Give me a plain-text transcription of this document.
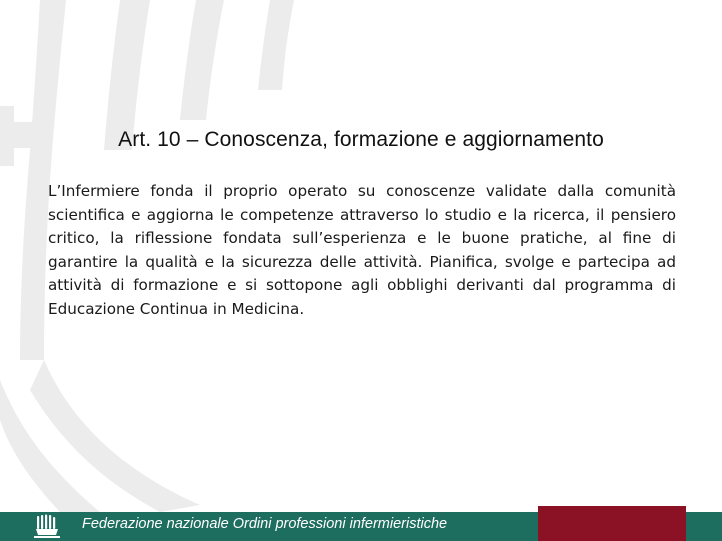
Art. 10 – Conoscenza, formazione e aggiornamento

L’Infermiere fonda il proprio operato su conoscenze validate dalla comunità scientifica e aggiorna le competenze attraverso lo studio e la ricerca, il pensiero critico, la riflessione fondata sull’esperienza e le buone pratiche, al fine di garantire la qualità e la sicurezza delle attività. Pianifica, svolge e partecipa ad attività di formazione e si sottopone agli obblighi derivanti dal programma di Educazione Continua in Medicina.

Federazione nazionale Ordini professioni infermieristiche
